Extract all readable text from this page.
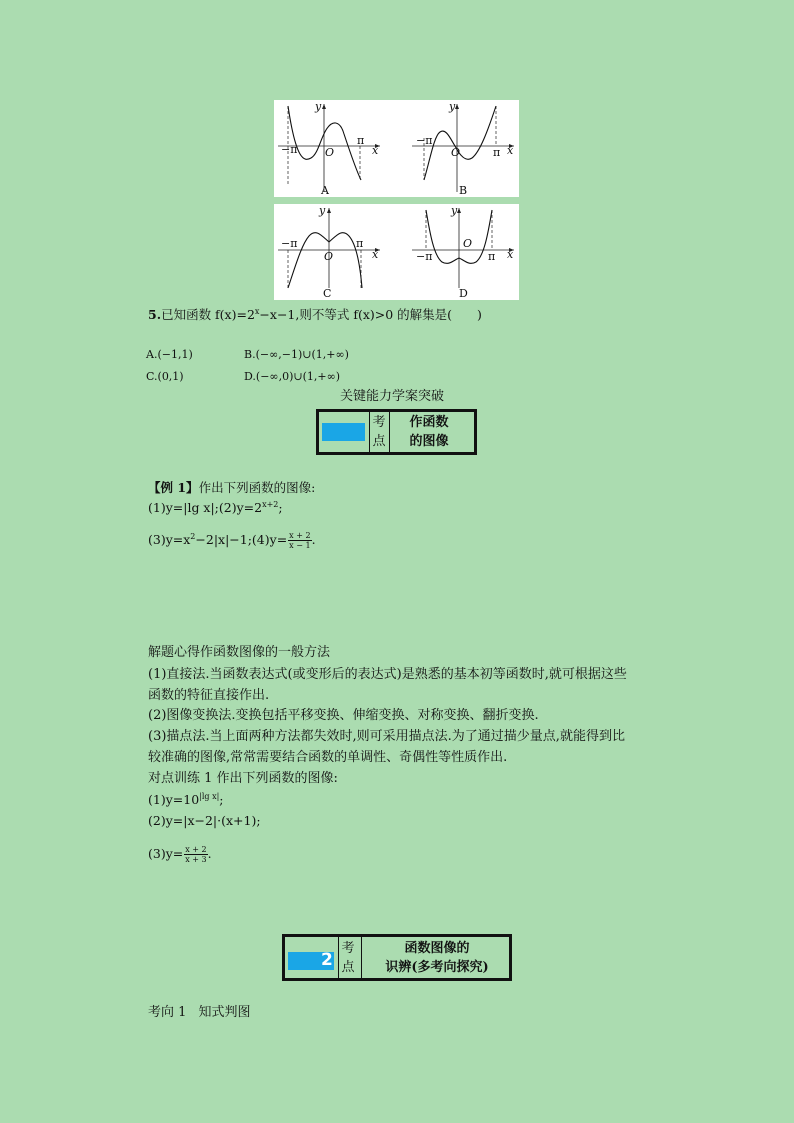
y
−π	O
π
x
A
y
−π
O	π x
B
y
−π
O
π
x
C
y
−π
O
π x
D
5.已知函数 $f(x)=2^x-x-1$,则不等式 f(x)>0 的解集是(　　)
A.(−1,1)	B.(−∞,−1)∪(1,+∞)
C.(0,1)	D.(−∞,0)∪(1,+∞)
关键能力学案突破
考
点
作函数
的图像
【例 1】作出下列函数的图像:
(1)y=|lg $x|;(2)y=2^{x+2}$;
$(3)y=x^2-2|x|-1;(4)y= \frac{x + 2}{x - 1}$ .
解题心得作函数图像的一般方法
(1)直接法.当函数表达式(或变形后的表达式)是熟悉的基本初等函数时,就可根据这些
函数的特征直接作出.
(2)图像变换法.变换包括平移变换、伸缩变换、对称变换、翻折变换.
(3)描点法.当上面两种方法都失效时,则可采用描点法.为了通过描少量点,就能得到比
较准确的图像,常常需要结合函数的单调性、奇偶性等性质作出.
对点训练 1 作出下列函数的图像:
$(1)y=10^{|lg x|}$;
(2)y=|x−2|·(x+1);
$(3)y= \frac{x + 2}{x + 3}$ .
2
考
点
函数图像的
识辨(多考向探究)
考向 1 知式判图
